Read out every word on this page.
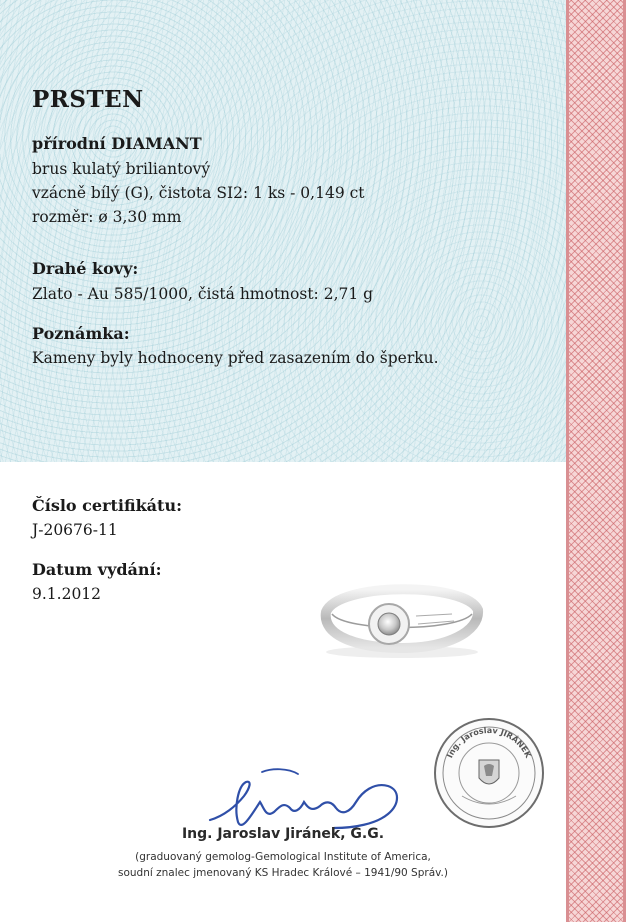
PRSTEN
přírodní DIAMANT
brus kulatý briliantový
vzácně bílý (G), čistota SI2: 1 ks - 0,149 ct
rozměr: ø 3,30 mm
Drahé kovy:
Zlato - Au 585/1000, čistá hmotnost: 2,71 g
Poznámka:
Kameny byly hodnoceny před zasazením do šperku.
Číslo certifikátu:
J-20676-11
Datum vydání:
9.1.2012
Ing. Jaroslav JIRÁNEK
Ing. Jaroslav Jiránek, G.G.
(graduovaný gemolog-Gemological Institute of America,
soudní znalec jmenovaný KS Hradec Králové – 1941/90 Správ.)
